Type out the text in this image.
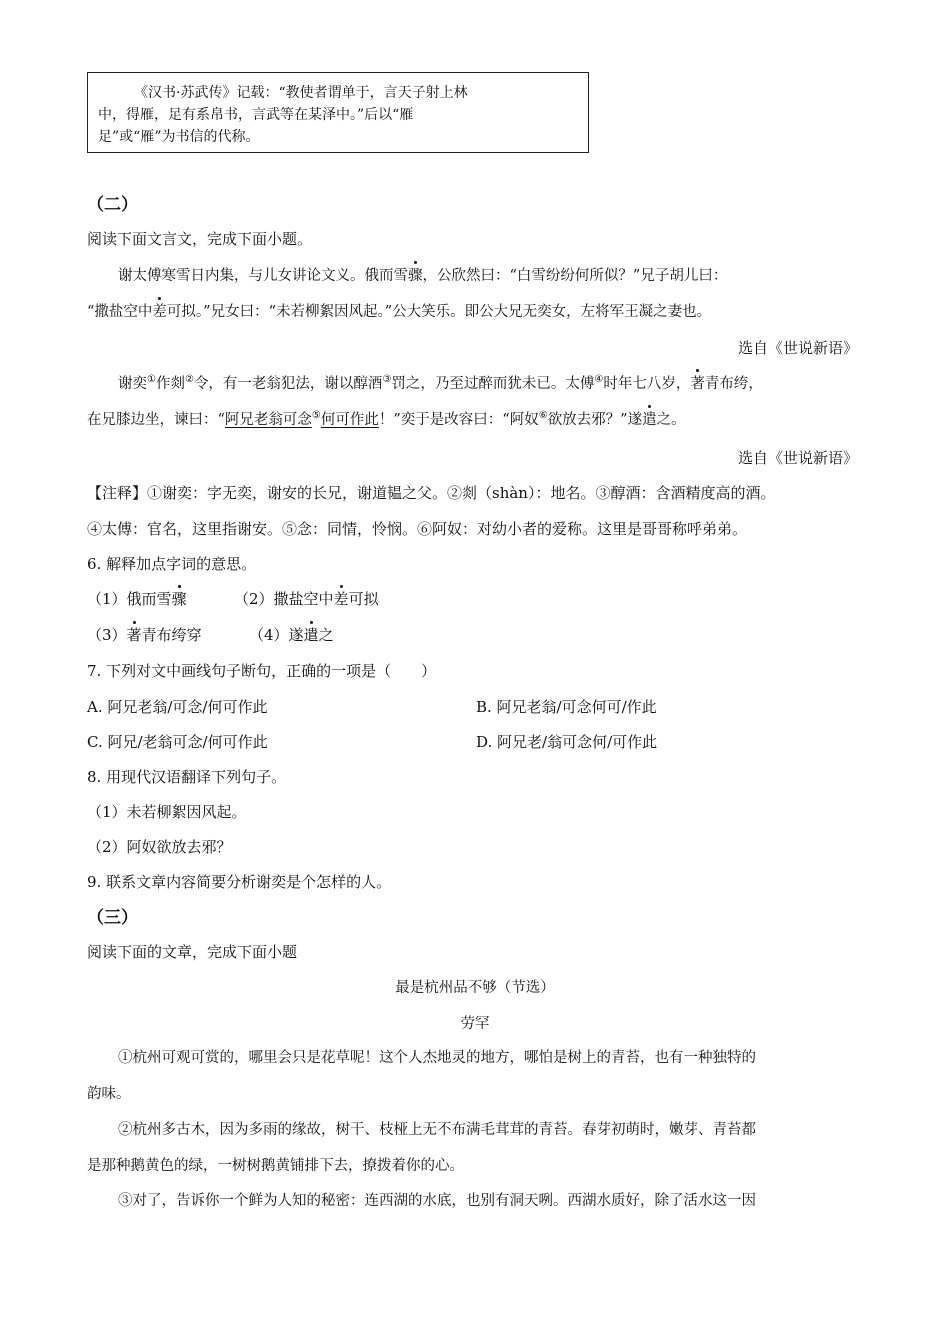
《汉书·苏武传》记载：“教使者谓单于，言天子射上林
中，得雁，足有系帛书，言武等在某泽中。”后以“雁
足”或“雁”为书信的代称。
（二）
阅读下面文言文，完成下面小题。
谢太傅寒雪日内集，与儿女讲论文义。俄而雪骤，公欣然曰：“白雪纷纷何所似？”兄子胡儿曰：
“撒盐空中差可拟。”兄女曰：“未若柳絮因风起。”公大笑乐。即公大兄无奕女，左将军王凝之妻也。
选自《世说新语》
谢奕①作剡②令，有一老翁犯法，谢以醇酒③罚之，乃至过醉而犹未已。太傅④时年七八岁，著青布绔，
在兄膝边坐，谏曰：“阿兄老翁可念⑤何可作此！”奕于是改容曰：“阿奴⑥欲放去邪？”遂遣之。
选自《世说新语》
【注释】①谢奕：字无奕，谢安的长兄，谢道韫之父。②剡（shàn）：地名。③醇酒：含酒精度高的酒。
④太傅：官名，这里指谢安。⑤念：同情，怜悯。⑥阿奴：对幼小者的爱称。这里是哥哥称呼弟弟。
6. 解释加点字词的意思。
（1）俄而雪骤	（2）撒盐空中差可拟
（3）著青布绔穿	（4）遂遣之
7. 下列对文中画线句子断句，正确的一项是（　　）
A. 阿兄老翁/可念/何可作此	B. 阿兄老翁/可念何可/作此
C. 阿兄/老翁可念/何可作此	D. 阿兄老/翁可念何/可作此
8. 用现代汉语翻译下列句子。
（1）未若柳絮因风起。
（2）阿奴欲放去邪？
9. 联系文章内容简要分析谢奕是个怎样的人。
（三）
阅读下面的文章，完成下面小题
最是杭州品不够（节选）
劳罕
①杭州可观可赏的，哪里会只是花草呢！这个人杰地灵的地方，哪怕是树上的青苔，也有一种独特的
韵味。
②杭州多古木，因为多雨的缘故，树干、枝桠上无不布满毛茸茸的青苔。春芽初萌时，嫩芽、青苔都
是那种鹅黄色的绿，一树树鹅黄铺排下去，撩拨着你的心。
③对了，告诉你一个鲜为人知的秘密：连西湖的水底，也别有洞天咧。西湖水质好，除了活水这一因
